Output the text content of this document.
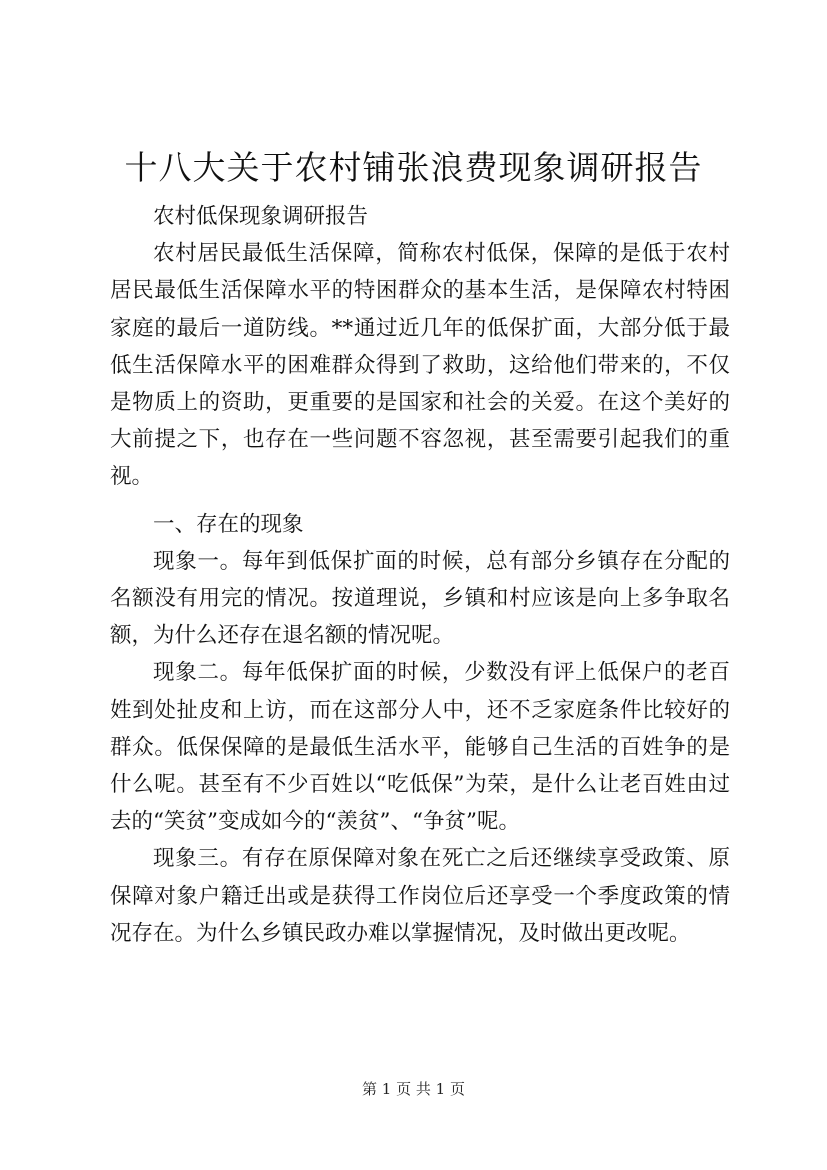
十八大关于农村铺张浪费现象调研报告

农村低保现象调研报告

农村居民最低生活保障，简称农村低保，保障的是低于农村居民最低生活保障水平的特困群众的基本生活，是保障农村特困家庭的最后一道防线。**通过近几年的低保扩面，大部分低于最低生活保障水平的困难群众得到了救助，这给他们带来的，不仅是物质上的资助，更重要的是国家和社会的关爱。在这个美好的大前提之下，也存在一些问题不容忽视，甚至需要引起我们的重视。

一、存在的现象

现象一。每年到低保扩面的时候，总有部分乡镇存在分配的名额没有用完的情况。按道理说，乡镇和村应该是向上多争取名额，为什么还存在退名额的情况呢。

现象二。每年低保扩面的时候，少数没有评上低保户的老百姓到处扯皮和上访，而在这部分人中，还不乏家庭条件比较好的群众。低保保障的是最低生活水平，能够自己生活的百姓争的是什么呢。甚至有不少百姓以“吃低保”为荣，是什么让老百姓由过去的“笑贫”变成如今的“羡贫”、“争贫”呢。

现象三。有存在原保障对象在死亡之后还继续享受政策、原保障对象户籍迁出或是获得工作岗位后还享受一个季度政策的情况存在。为什么乡镇民政办难以掌握情况，及时做出更改呢。

第 1 页 共 1 页
